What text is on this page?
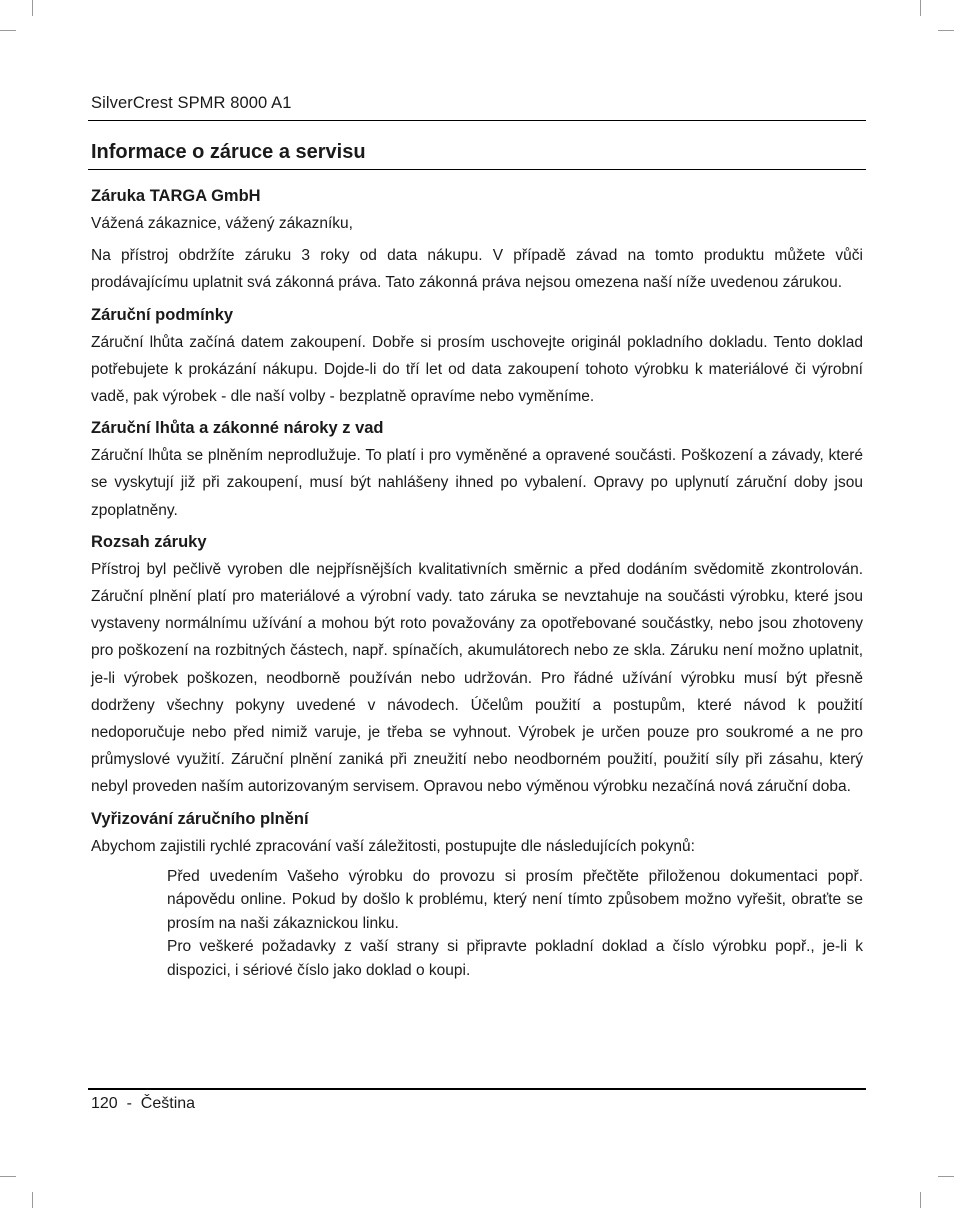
SilverCrest SPMR 8000 A1
Informace o záruce a servisu
Záruka TARGA GmbH

Vážená zákaznice, vážený zákazníku,

Na přístroj obdržíte záruku 3 roky od data nákupu. V případě závad na tomto produktu můžete vůči prodávajícímu uplatnit svá zákonná práva. Tato zákonná práva nejsou omezena naší níže uvedenou zárukou.

Záruční podmínky

Záruční lhůta začíná datem zakoupení. Dobře si prosím uschovejte originál pokladního dokladu. Tento doklad potřebujete k prokázání nákupu. Dojde-li do tří let od data zakoupení tohoto výrobku k materiálové či výrobní vadě, pak výrobek - dle naší volby - bezplatně opravíme nebo vyměníme.

Záruční lhůta a zákonné nároky z vad

Záruční lhůta se plněním neprodlužuje. To platí i pro vyměněné a opravené součásti. Poškození a závady, které se vyskytují již při zakoupení, musí být nahlášeny ihned po vybalení. Opravy po uplynutí záruční doby jsou zpoplatněny.

Rozsah záruky

Přístroj byl pečlivě vyroben dle nejpřísnějších kvalitativních směrnic a před dodáním svědomitě zkontrolován. Záruční plnění platí pro materiálové a výrobní vady. tato záruka se nevztahuje na součásti výrobku, které jsou vystaveny normálnímu užívání a mohou být roto považovány za opotřebované součástky, nebo jsou zhotoveny pro poškození na rozbitných částech, např. spínačích, akumulátorech nebo ze skla. Záruku není možno uplatnit, je-li výrobek poškozen, neodborně používán nebo udržován. Pro řádné užívání výrobku musí být přesně dodrženy všechny pokyny uvedené v návodech. Účelům použití a postupům, které návod k použití nedoporučuje nebo před nimiž varuje, je třeba se vyhnout. Výrobek je určen pouze pro soukromé a ne pro průmyslové využití. Záruční plnění zaniká při zneužití nebo neodborném použití, použití síly při zásahu, který nebyl proveden naším autorizovaným servisem. Opravou nebo výměnou výrobku nezačíná nová záruční doba.

Vyřizování záručního plnění

Abychom zajistili rychlé zpracování vaší záležitosti, postupujte dle následujících pokynů:

Před uvedením Vašeho výrobku do provozu si prosím přečtěte přiloženou dokumentaci popř. nápovědu online. Pokud by došlo k problému, který není tímto způsobem možno vyřešit, obraťte se prosím na naši zákaznickou linku.
Pro veškeré požadavky z vaší strany si připravte pokladní doklad a číslo výrobku popř., je-li k dispozici, i sériové číslo jako doklad o koupi.
120  -  Čeština
